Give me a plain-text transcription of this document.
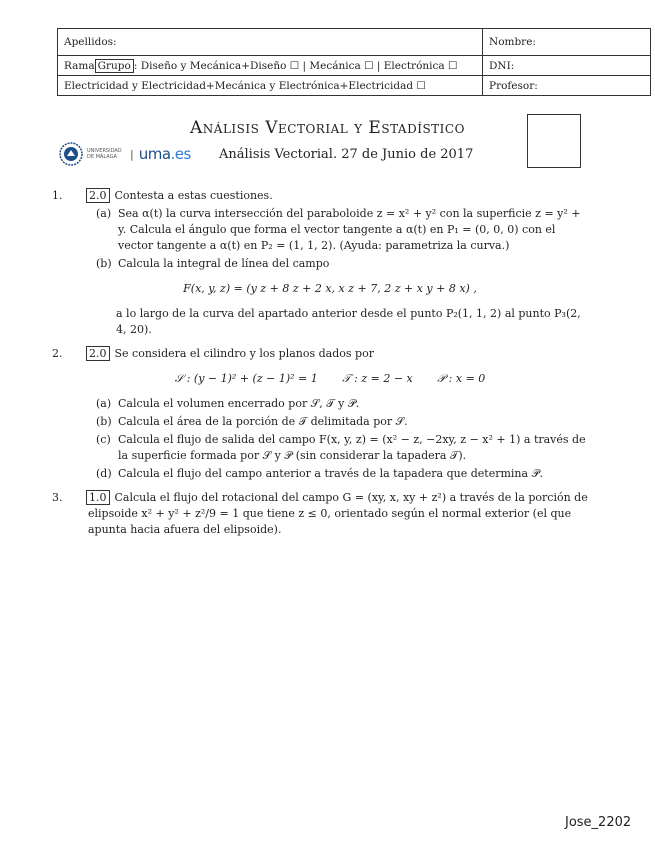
Apellidos:	Nombre:
Rama Grupo : Diseño y Mecánica+Diseño ☐ | Mecánica ☐ | Electrónica ☐	DNI:
Electricidad y Electricidad+Mecánica y Electrónica+Electricidad ☐	Profesor:
Análisis Vectorial y Estadístico
Análisis Vectorial. 27 de Junio de 2017
UNIVERSIDAD DE MÁLAGA	| uma.es
1. 2.0 Contesta a estas cuestiones.
(a) Sea α(t) la curva intersección del paraboloide z = x² + y² con la superficie z = y² + y. Calcula el ángulo que forma el vector tangente a α(t) en P₁ = (0, 0, 0) con el vector tangente a α(t) en P₂ = (1, 1, 2). (Ayuda: parametriza la curva.)
(b) Calcula la integral de línea del campo
F(x, y, z) = (y z + 8 z + 2 x, x z + 7, 2 z + x y + 8 x) ,
a lo largo de la curva del apartado anterior desde el punto P₂(1, 1, 2) al punto P₃(2, 4, 20).
2. 2.0 Se considera el cilindro y los planos dados por
𝒮 : (y − 1)² + (z − 1)² = 1       𝒯 : z = 2 − x       𝒫 : x = 0
(a) Calcula el volumen encerrado por 𝒮, 𝒯 y 𝒫.
(b) Calcula el área de la porción de 𝒯 delimitada por 𝒮.
(c) Calcula el flujo de salida del campo F(x, y, z) = (x² − z, −2xy, z − x² + 1) a través de la superficie formada por 𝒮 y 𝒫 (sin considerar la tapadera 𝒯).
(d) Calcula el flujo del campo anterior a través de la tapadera que determina 𝒫.
3. 1.0 Calcula el flujo del rotacional del campo G = (xy, x, xy + z²) a través de la porción de elipsoide x² + y² + z²/9 = 1 que tiene z ≤ 0, orientado según el normal exterior (el que apunta hacia afuera del elipsoide).
Jose_2202
